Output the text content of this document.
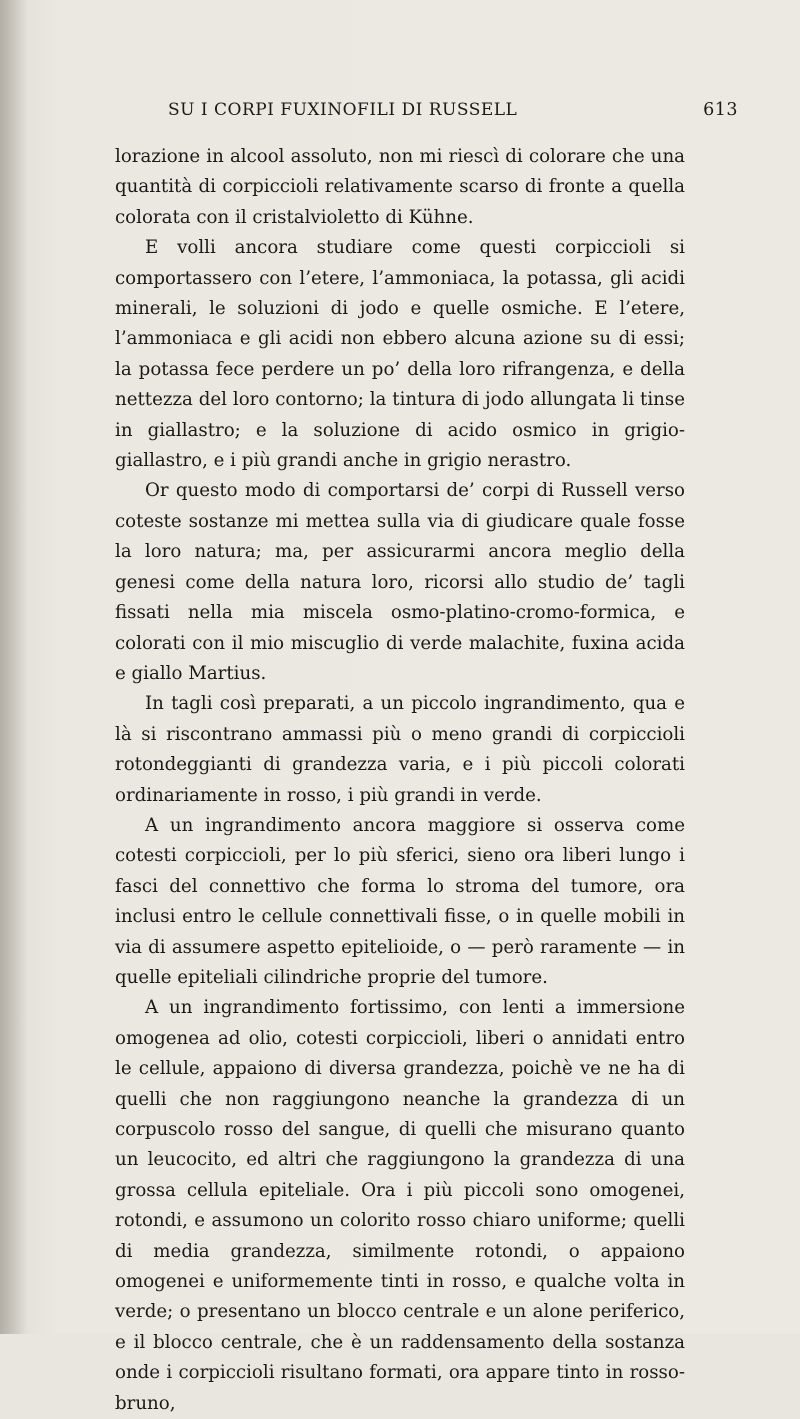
SU I CORPI FUXINOFILI DI RUSSELL	613

lorazione in alcool assoluto, non mi riescì di colorare che una quantità di corpiccioli relativamente scarso di fronte a quella colorata con il cristalvioletto di Kühne.

E volli ancora studiare come questi corpiccioli si comportassero con l’etere, l’ammoniaca, la potassa, gli acidi minerali, le soluzioni di jodo e quelle osmiche. E l’etere, l’ammoniaca e gli acidi non ebbero alcuna azione su di essi; la potassa fece perdere un po’ della loro rifrangenza, e della nettezza del loro contorno; la tintura di jodo allungata li tinse in giallastro; e la soluzione di acido osmico in grigio-giallastro, e i più grandi anche in grigio nerastro.

Or questo modo di comportarsi de’ corpi di Russell verso coteste sostanze mi mettea sulla via di giudicare quale fosse la loro natura; ma, per assicurarmi ancora meglio della genesi come della natura loro, ricorsi allo studio de’ tagli fissati nella mia miscela osmo-platino-cromo-formica, e colorati con il mio miscuglio di verde malachite, fuxina acida e giallo Martius.

In tagli così preparati, a un piccolo ingrandimento, qua e là si riscontrano ammassi più o meno grandi di corpiccioli rotondeggianti di grandezza varia, e i più piccoli colorati ordinariamente in rosso, i più grandi in verde.

A un ingrandimento ancora maggiore si osserva come cotesti corpiccioli, per lo più sferici, sieno ora liberi lungo i fasci del connettivo che forma lo stroma del tumore, ora inclusi entro le cellule connettivali fisse, o in quelle mobili in via di assumere aspetto epitelioide, o — però raramente — in quelle epiteliali cilindriche proprie del tumore.

A un ingrandimento fortissimo, con lenti a immersione omogenea ad olio, cotesti corpiccioli, liberi o annidati entro le cellule, appaiono di diversa grandezza, poichè ve ne ha di quelli che non raggiungono neanche la grandezza di un corpuscolo rosso del sangue, di quelli che misurano quanto un leucocito, ed altri che raggiungono la grandezza di una grossa cellula epiteliale. Ora i più piccoli sono omogenei, rotondi, e assumono un colorito rosso chiaro uniforme; quelli di media grandezza, similmente rotondi, o appaiono omogenei e uniformemente tinti in rosso, e qualche volta in verde; o presentano un blocco centrale e un alone periferico, e il blocco centrale, che è un raddensamento della sostanza onde i corpiccioli risultano formati, ora appare tinto in rosso-bruno,
